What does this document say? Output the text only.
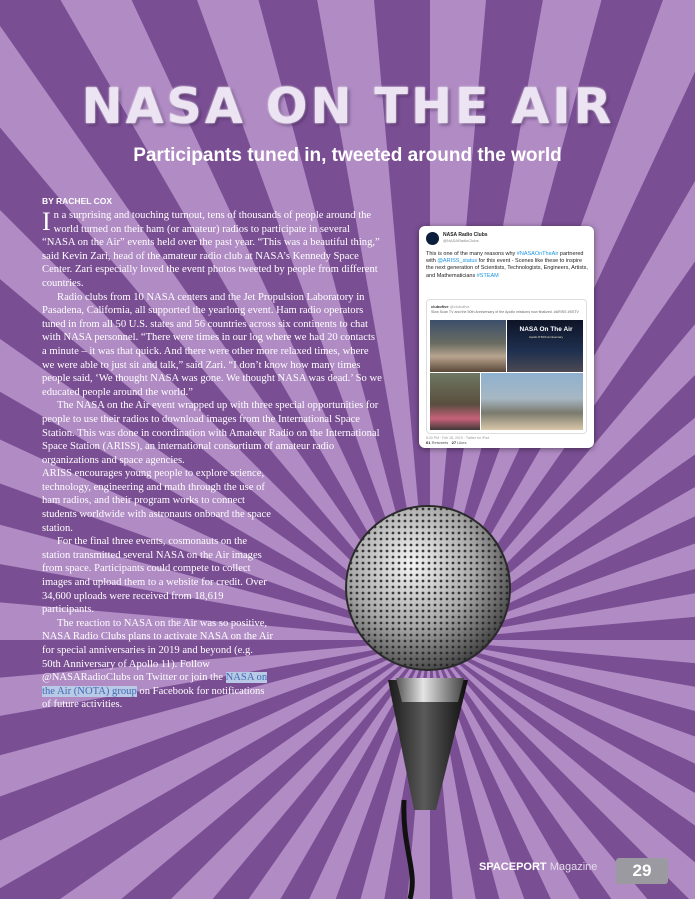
NASA ON THE AIR
Participants tuned in, tweeted around the world
BY RACHEL COX

In a surprising and touching turnout, tens of thousands of people around the world turned on their ham (or amateur) radios to participate in several “NASA on the Air” events held over the past year. “This was a beautiful thing,” said Kevin Zari, head of the amateur radio club at NASA’s Kennedy Space Center. Zari especially loved the event photos tweeted by people from different countries.

Radio clubs from 10 NASA centers and the Jet Propulsion Laboratory in Pasadena, California, all supported the yearlong event. Ham radio operators tuned in from all 50 U.S. states and 56 countries across six continents to chat with NASA personnel. “There were times in our log where we had 20 contacts a minute – it was that quick. And there were other more relaxed times, where we were able to just sit and talk,” said Zari. “I don’t know how many times people said, ‘We thought NASA was gone. We thought NASA was dead.’ So we educated people around the world.”

The NASA on the Air event wrapped up with three special opportunities for people to use their radios to download images from the International Space Station. This was done in coordination with Amateur Radio on the International Space Station (ARISS), an international consortium of amateur radio organizations and space agencies.

ARISS encourages young people to explore science, technology, engineering and math through the use of ham radios, and their program works to connect students worldwide with astronauts onboard the space station.

For the final three events, cosmonauts on the station transmitted several NASA on the Air images from space. Participants could compete to collect images and upload them to a website for credit. Over 34,600 uploads were received from 18,619 participants.

The reaction to NASA on the Air was so positive, NASA Radio Clubs plans to activate NASA on the Air for special anniversaries in 2019 and beyond (e.g. 50th Anniversary of Apollo 11). Follow @NASARadioClubs on Twitter or join the NASA on the Air (NOTA) group on Facebook for notifications of future activities.

NASA Radio Clubs
@NASARadioClubs
This is one of the many reasons why #NASAOnTheAir partnered with @ARISS_status for this event - Scenes like these to inspire the next generation of Scientists, Technologists, Engineers, Artists, and Mathematicians #STEAM
clubofive @clubofive
Slow Scan TV and the 50th Anniversary of the Apollo missions now finalized. #ARISS #SSTV
NASA On The Air
Apollo 8 50th Anniversary
8:00 PM · Feb 18, 2019 · Twitter for iPad
61 Retweets 27 Likes
SPACEPORT Magazine	29
